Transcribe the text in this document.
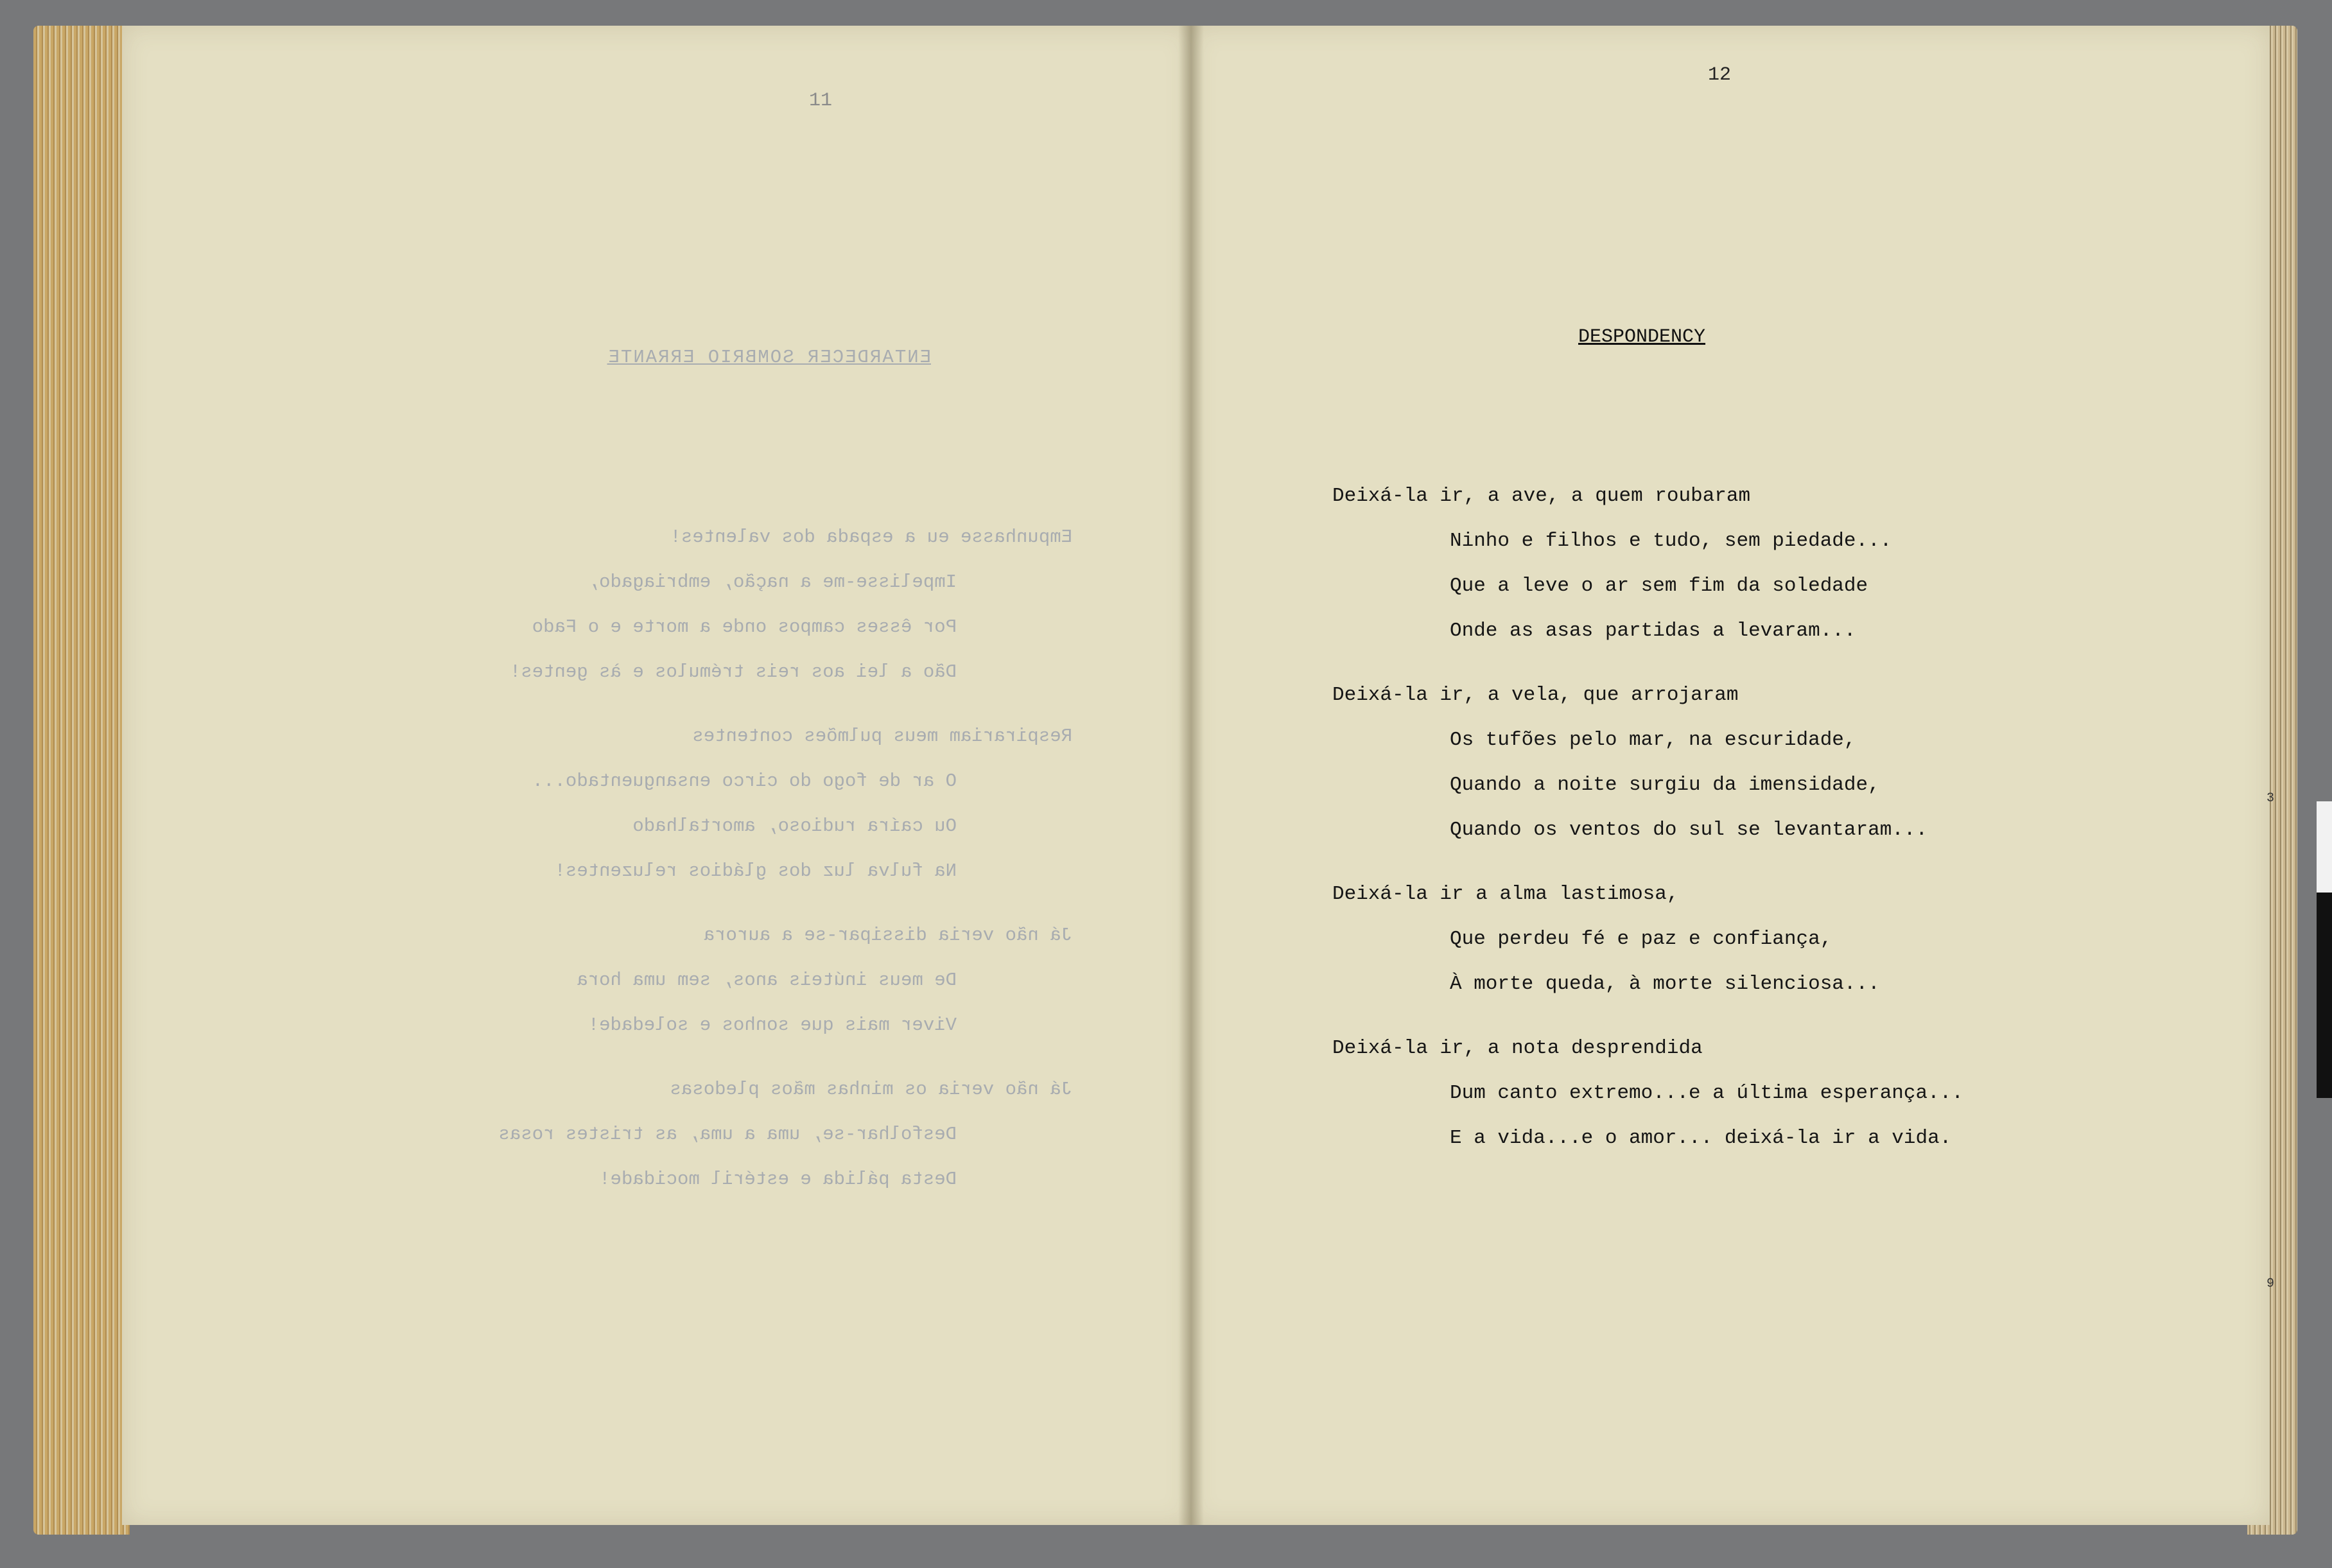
11
12
ENTARDECER SOMBRIO ERRANTE
Empunhasse eu a espada dos valentes!
Impelisse-me a nação, embriagado,
Por êsses campos onde a morte e o Fado
Dão a lei aos reis trémulos e às gentes!
Respirariam meus pulmões contentes
O ar de fogo do circo ensanguentado...
Ou caíra rudioso, amortalhado
Na fulva luz dos gládios reluzentes!
Já não veria dissipar-se a aurora
De meus inúteis anos, sem uma hora
Viver mais que sonhos e soledade!
Já não veria os minhas mãos pledosas
Desfolhar-se, uma a uma, as tristes rosas
Desta pálida e estéril mocidade!
DESPONDENCY
Deixá-la ir, a ave, a quem roubaram
Ninho e filhos e tudo, sem piedade...
Que a leve o ar sem fim da soledade
Onde as asas partidas a levaram...
Deixá-la ir, a vela, que arrojaram
Os tufões pelo mar, na escuridade,
Quando a noite surgiu da imensidade,
Quando os ventos do sul se levantaram...
Deixá-la ir a alma lastimosa,
Que perdeu fé e paz e confiança,
À morte queda, à morte silenciosa...
Deixá-la ir, a nota desprendida
Dum canto extremo...e a última esperança...
E a vida...e o amor... deixá-la ir a vida.
3
9
